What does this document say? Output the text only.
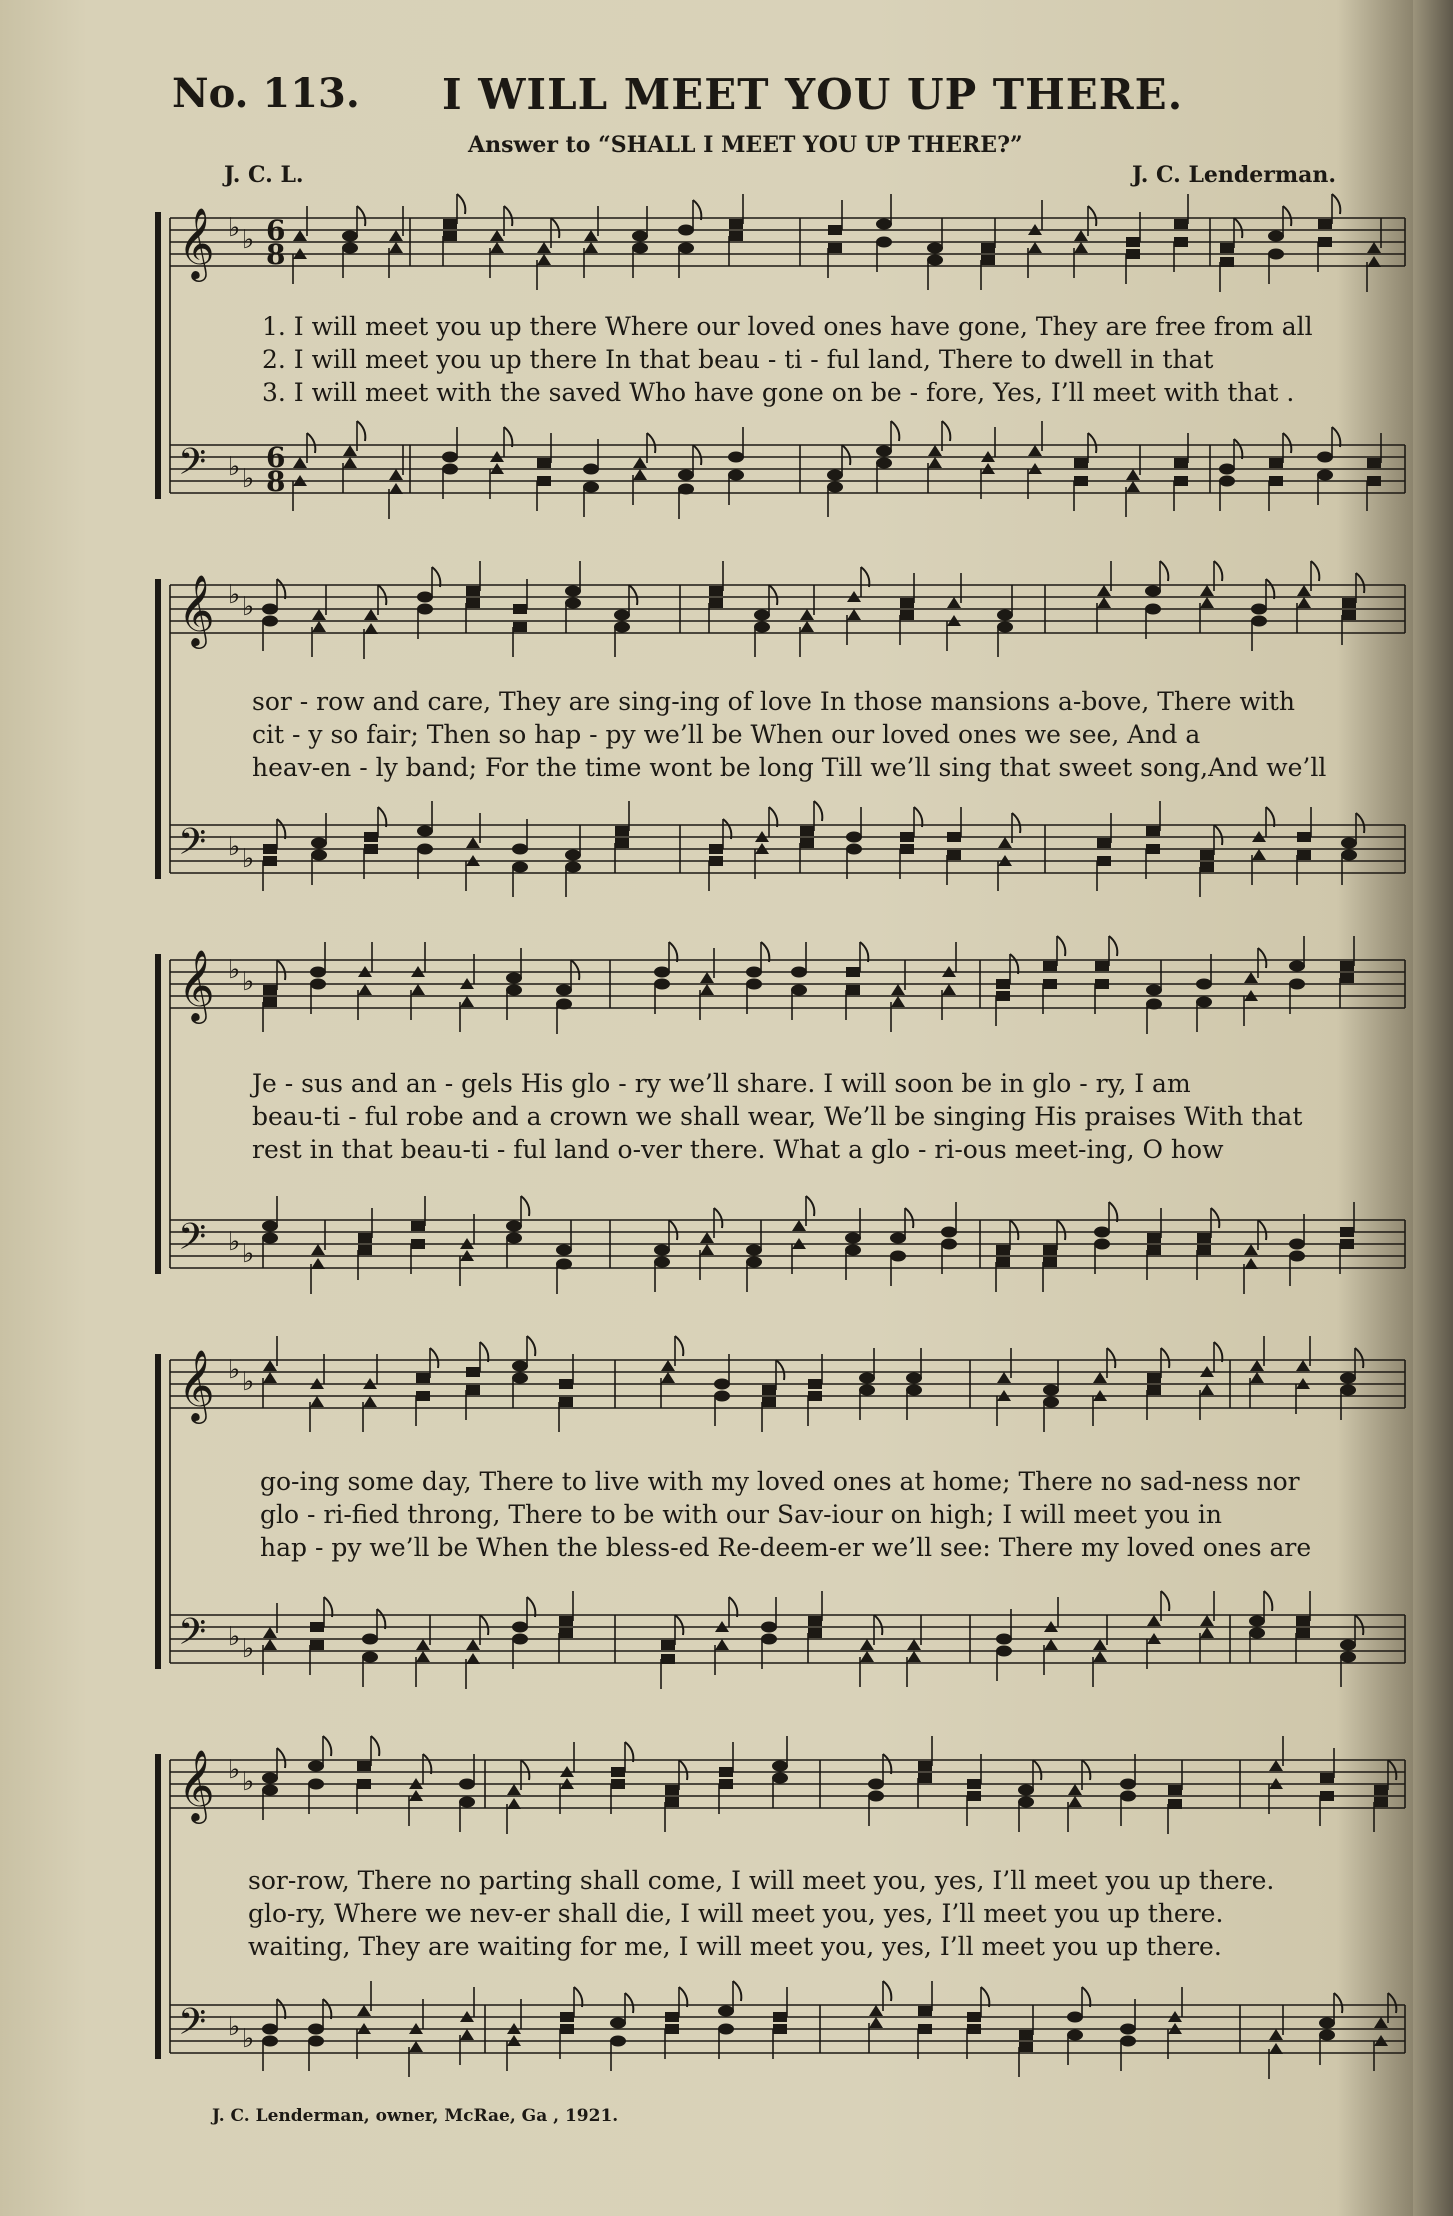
No. 113. I WILL MEET YOU UP THERE.
Answer to “SHALL I MEET YOU UP THERE?”
J. C. L.	J. C. Lenderman.
𝄞
𝄢
♭ ♭
♭ ♭
6
8
6
8
𝄞
𝄢
♭ ♭
♭ ♭
𝄞
𝄢
♭ ♭
♭ ♭
𝄞
𝄢
♭ ♭
♭ ♭
𝄞
𝄢
♭ ♭
♭ ♭
1. I will meet you up there Where our loved ones have gone, They are free from all
2. I will meet you up there In that beau - ti - ful land, There to dwell in that
3. I will meet with the saved Who have gone on be - fore, Yes, I’ll meet with that .
sor - row and care, They are sing-ing of love In those mansions a-bove, There with
cit - y so fair; Then so hap - py we’ll be When our loved ones we see, And a
heav-en - ly band; For the time wont be long Till we’ll sing that sweet song,And we’ll
Je - sus and an - gels His glo - ry we’ll share. I will soon be in glo - ry, I am
beau-ti - ful robe and a crown we shall wear, We’ll be singing His praises With that
rest in that beau-ti - ful land o-ver there. What a glo - ri-ous meet-ing, O how
go-ing some day, There to live with my loved ones at home; There no sad-ness nor
glo - ri-fied throng, There to be with our Sav-iour on high; I will meet you in
hap - py we’ll be When the bless-ed Re-deem-er we’ll see: There my loved ones are
sor-row, There no parting shall come, I will meet you, yes, I’ll meet you up there.
glo-ry, Where we nev-er shall die, I will meet you, yes, I’ll meet you up there.
waiting, They are waiting for me, I will meet you, yes, I’ll meet you up there.
J. C. Lenderman, owner, McRae, Ga , 1921.
